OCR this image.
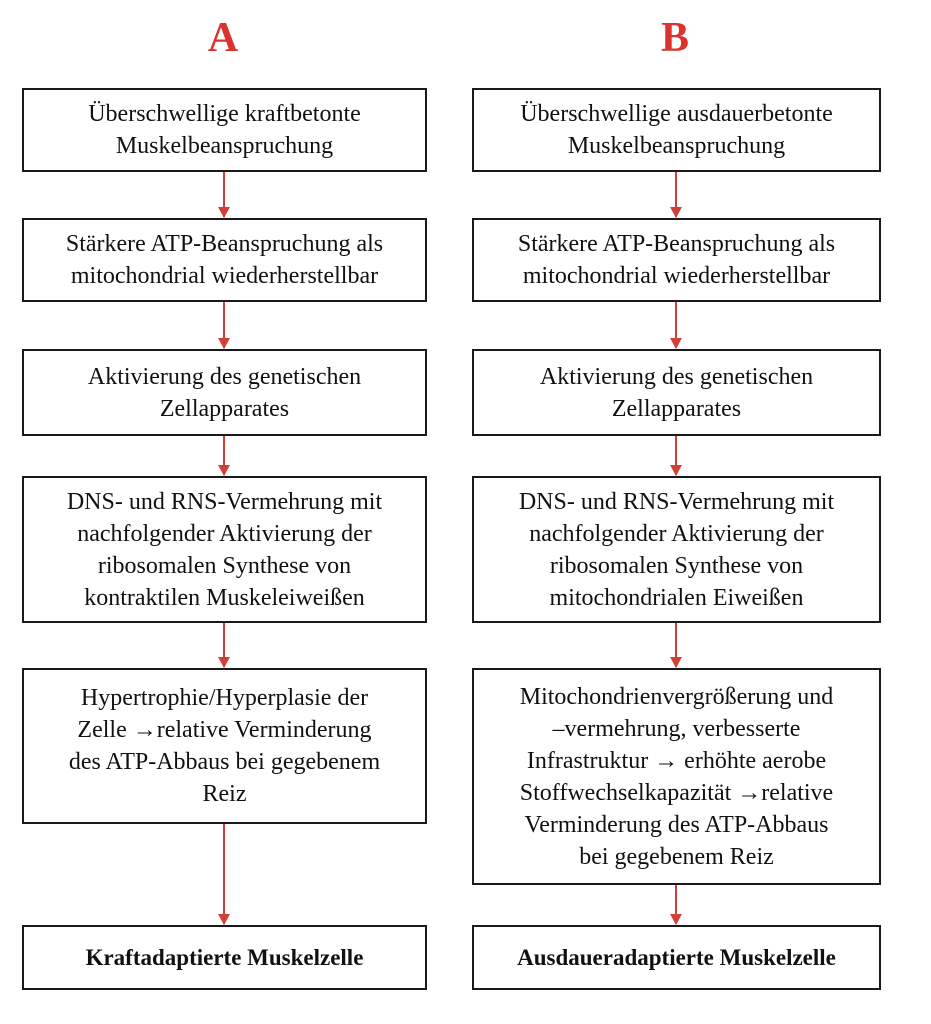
A
Überschwellige kraftbetonte
Muskelbeanspruchung
Stärkere ATP-Beanspruchung als
mitochondrial wiederherstellbar
Aktivierung des genetischen
Zellapparates
DNS- und RNS-Vermehrung mit
nachfolgender Aktivierung der
ribosomalen Synthese von
kontraktilen Muskeleiweißen
Hypertrophie/Hyperplasie der
Zelle →relative Verminderung
des ATP-Abbaus bei gegebenem
Reiz
Kraftadaptierte Muskelzelle
B
Überschwellige ausdauerbetonte
Muskelbeanspruchung
Stärkere ATP-Beanspruchung als
mitochondrial wiederherstellbar
Aktivierung des genetischen
Zellapparates
DNS- und RNS-Vermehrung mit
nachfolgender Aktivierung der
ribosomalen Synthese von
mitochondrialen Eiweißen
Mitochondrienvergrößerung und
–vermehrung, verbesserte
Infrastruktur → erhöhte aerobe
Stoffwechselkapazität →relative
Verminderung des ATP-Abbaus
bei gegebenem Reiz
Ausdaueradaptierte Muskelzelle
